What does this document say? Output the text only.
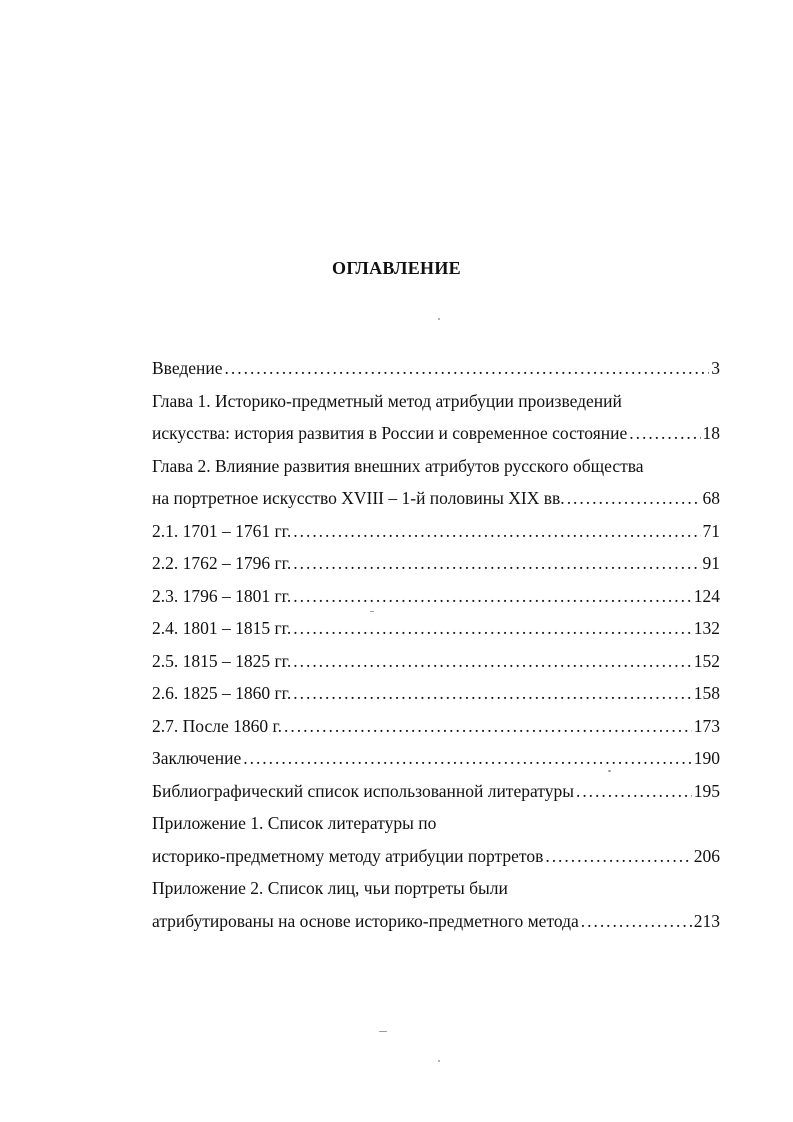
ОГЛАВЛЕНИЕ
Введение . . .	3
Глава 1. Историко-предметный метод атрибуции произведений
искусства: история развития в России и современное состояние . . .	18
Глава 2. Влияние развития внешних атрибутов русского общества
на портретное искусство XVIII – 1-й половины XIX вв. . . .	68
2.1. 1701 – 1761 гг. . . .	71
2.2. 1762 – 1796 гг. . . .	91
2.3. 1796 – 1801 гг. . . .	124
2.4. 1801 – 1815 гг. . . .	132
2.5. 1815 – 1825 гг. . . .	152
2.6. 1825 – 1860 гг. . . .	158
2.7. После 1860 г. . . .	173
Заключение . . .	190
Библиографический список использованной литературы . . .	195
Приложение 1. Список литературы по
историко-предметному методу атрибуции портретов . . .	206
Приложение 2. Список лиц, чьи портреты были
атрибутированы на основе историко-предметного метода . . .	213
